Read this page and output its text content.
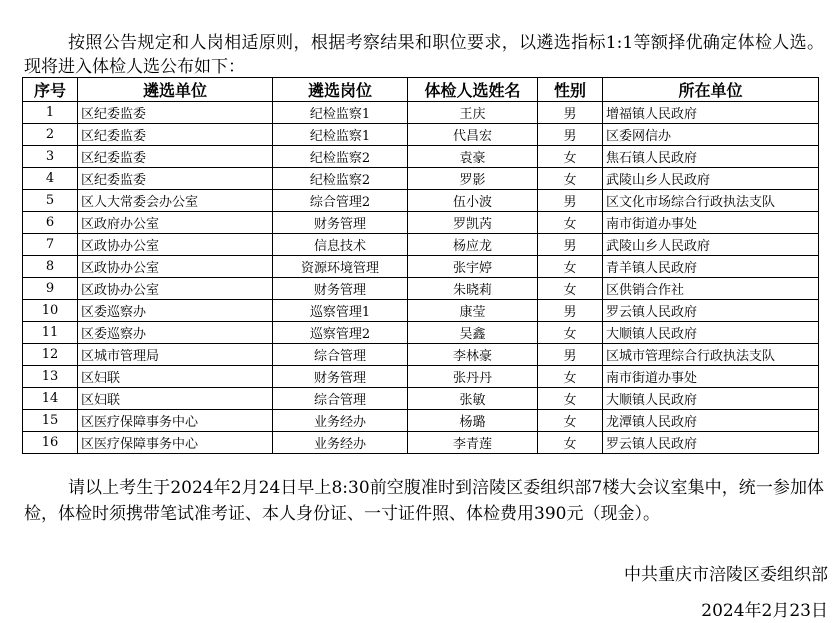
按照公告规定和人岗相适原则，根据考察结果和职位要求，以遴选指标1:1等额择优确定体检人选。现将进入体检人选公布如下：

序号	遴选单位	遴选岗位	体检人选姓名	性别	所在单位
1	区纪委监委	纪检监察1	王庆	男	增福镇人民政府
2	区纪委监委	纪检监察1	代昌宏	男	区委网信办
3	区纪委监委	纪检监察2	袁豪	女	焦石镇人民政府
4	区纪委监委	纪检监察2	罗影	女	武陵山乡人民政府
5	区人大常委会办公室	综合管理2	伍小波	男	区文化市场综合行政执法支队
6	区政府办公室	财务管理	罗凯芮	女	南市街道办事处
7	区政协办公室	信息技术	杨应龙	男	武陵山乡人民政府
8	区政协办公室	资源环境管理	张宇婷	女	青羊镇人民政府
9	区政协办公室	财务管理	朱晓莉	女	区供销合作社
10	区委巡察办	巡察管理1	康莹	男	罗云镇人民政府
11	区委巡察办	巡察管理2	吴鑫	女	大顺镇人民政府
12	区城市管理局	综合管理	李林豪	男	区城市管理综合行政执法支队
13	区妇联	财务管理	张丹丹	女	南市街道办事处
14	区妇联	综合管理	张敏	女	大顺镇人民政府
15	区医疗保障事务中心	业务经办	杨璐	女	龙潭镇人民政府
16	区医疗保障事务中心	业务经办	李青莲	女	罗云镇人民政府

请以上考生于2024年2月24日早上8:30前空腹准时到涪陵区委组织部7楼大会议室集中，统一参加体检，体检时须携带笔试准考证、本人身份证、一寸证件照、体检费用390元（现金）。

中共重庆市涪陵区委组织部
2024年2月23日
